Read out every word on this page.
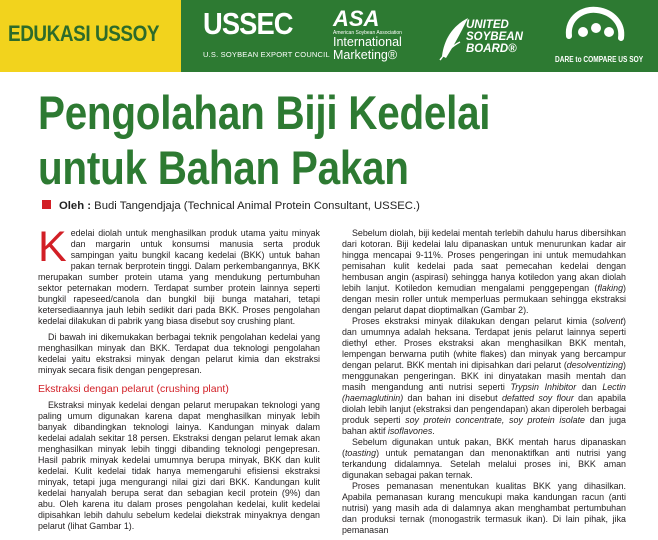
EDUKASI USSOY USSEC
U.S. SOYBEAN EXPORT COUNCIL
ASA
American Soybean Association
International
Marketing®
UNITED
SOYBEAN
BOARD®
DARE to COMPARE US SOY
Pengolahan Biji Kedelai
untuk Bahan Pakan
Oleh : Budi Tangendjaja (Technical Animal Protein Consultant, USSEC.)

Kedelai diolah untuk menghasilkan produk utama yaitu minyak dan margarin untuk konsumsi manusia serta produk sampingan yaitu bungkil kacang kedelai (BKK) untuk bahan pakan ternak berprotein tinggi. Dalam perkembangannya, BKK merupakan sumber protein utama yang mendukung pertumbuhan sektor peternakan modern. Terdapat sumber protein lainnya seperti bungkil rapeseed/canola dan bungkil biji bunga matahari, tetapi ketersediaannya jauh lebih sedikit dari pada BKK. Proses pengolahan kedelai dilakukan di pabrik yang biasa disebut soy crushing plant.

Di bawah ini dikemukakan berbagai teknik pengolahan kedelai yang menghasilkan minyak dan BKK. Terdapat dua teknologi pengolahan kedelai yaitu ekstraksi minyak dengan pelarut kimia dan ekstraksi minyak secara fisik dengan pengepresan.

Ekstraksi dengan pelarut (crushing plant)

Ekstraksi minyak kedelai dengan pelarut merupakan teknologi yang paling umum digunakan karena dapat menghasilkan minyak lebih banyak dibandingkan teknologi lainya. Kandungan minyak dalam kedelai adalah sekitar 18 persen. Ekstraksi dengan pelarut lemak akan menghasilkan minyak lebih tinggi dibanding teknologi pengepresan. Hasil pabrik minyak kedelai umumnya berupa minyak, BKK dan kulit kedelai. Kulit kedelai tidak hanya memengaruhi efisiensi ekstraksi minyak, tetapi juga mengurangi nilai gizi dari BKK. Kandungan kulit kedelai hanyalah berupa serat dan sebagian kecil protein (9%) dan abu. Oleh karena itu dalam proses pengolahan kedelai, kulit kedelai dipisahkan lebih dahulu sebelum kedelai diekstrak minyaknya dengan pelarut (lihat Gambar 1).

Sebelum diolah, biji kedelai mentah terlebih dahulu harus dibersihkan dari kotoran. Biji kedelai lalu dipanaskan untuk menurunkan kadar air hingga mencapai 9-11%. Proses pengeringan ini untuk memudahkan pemisahan kulit kedelai pada saat pemecahan kedelai dengan hembusan angin (aspirasi) sehingga hanya kotiledon yang akan diolah lebih lanjut. Kotiledon kemudian mengalami penggepengan (flaking) dengan mesin roller untuk memperluas permukaan sehingga ekstraksi dengan pelarut dapat dioptimalkan (Gambar 2).

Proses ekstraksi minyak dilakukan dengan pelarut kimia (solvent) dan umumnya adalah heksana. Terdapat jenis pelarut lainnya seperti diethyl ether. Proses ekstraksi akan menghasilkan BKK mentah, lempengan berwarna putih (white flakes) dan minyak yang bercampur dengan pelarut. BKK mentah ini dipisahkan dari pelarut (desolventizing) menggunakan pengeringan. BKK ini dinyatakan masih mentah dan masih mengandung anti nutrisi seperti Trypsin Inhibitor dan Lectin (haemaglutinin) dan bahan ini disebut defatted soy flour dan apabila diolah lebih lanjut (ekstraksi dan pengendapan) akan diperoleh berbagai produk seperti soy protein concentrate, soy protein isolate dan juga bahan aktif isoflavones.

Sebelum digunakan untuk pakan, BKK mentah harus dipanaskan (toasting) untuk pematangan dan menonaktifkan anti nutrisi yang terkandung didalamnya. Setelah melalui proses ini, BKK aman digunakan sebagai pakan ternak.

Proses pemanasan menentukan kualitas BKK yang dihasilkan. Apabila pemanasan kurang mencukupi maka kandungan racun (anti nutrisi) yang masih ada di dalamnya akan menghambat pertumbuhan dan produksi ternak (monogastrik termasuk ikan). Di lain pihak, jika pemanasan
